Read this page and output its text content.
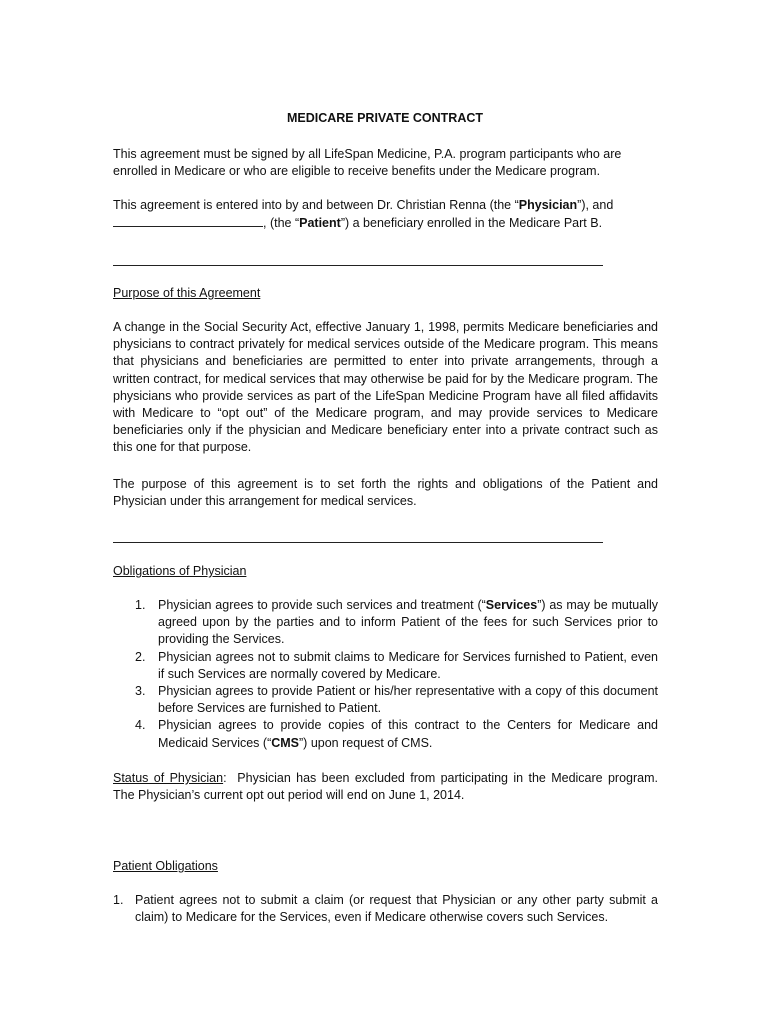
MEDICARE PRIVATE CONTRACT
This agreement must be signed by all LifeSpan Medicine, P.A. program participants who are enrolled in Medicare or who are eligible to receive benefits under the Medicare program.
This agreement is entered into by and between Dr. Christian Renna (the “Physician”), and
, (the “Patient”) a beneficiary enrolled in the Medicare Part B.
Purpose of this Agreement
A change in the Social Security Act, effective January 1, 1998, permits Medicare beneficiaries and physicians to contract privately for medical services outside of the Medicare program. This means that physicians and beneficiaries are permitted to enter into private arrangements, through a written contract, for medical services that may otherwise be paid for by the Medicare program. The physicians who provide services as part of the LifeSpan Medicine Program have all filed affidavits with Medicare to “opt out” of the Medicare program, and may provide services to Medicare beneficiaries only if the physician and Medicare beneficiary enter into a private contract such as this one for that purpose.
The purpose of this agreement is to set forth the rights and obligations of the Patient and Physician under this arrangement for medical services.
Obligations of Physician
1. Physician agrees to provide such services and treatment (“Services”) as may be mutually agreed upon by the parties and to inform Patient of the fees for such Services prior to providing the Services.
2. Physician agrees not to submit claims to Medicare for Services furnished to Patient, even if such Services are normally covered by Medicare.
3. Physician agrees to provide Patient or his/her representative with a copy of this document before Services are furnished to Patient.
4. Physician agrees to provide copies of this contract to the Centers for Medicare and Medicaid Services (“CMS”) upon request of CMS.
Status of Physician:  Physician has been excluded from participating in the Medicare program. The Physician’s current opt out period will end on June 1, 2014.
Patient Obligations
1. Patient agrees not to submit a claim (or request that Physician or any other party submit a claim) to Medicare for the Services, even if Medicare otherwise covers such Services.
